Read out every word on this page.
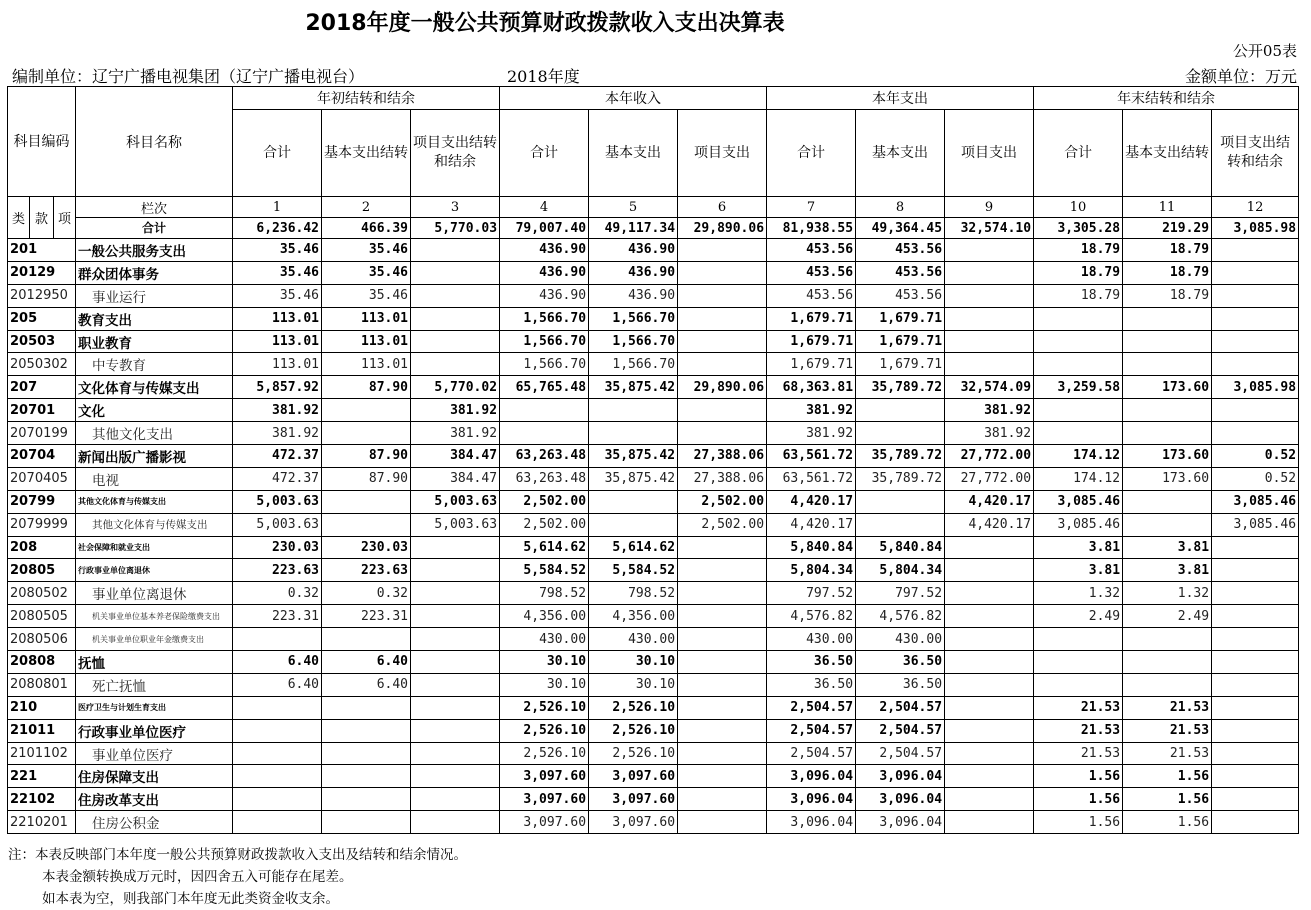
2018年度一般公共预算财政拨款收入支出决算表
公开05表
编制单位：辽宁广播电视集团（辽宁广播电视台）	2018年度	金额单位：万元
科目编码			科目名称	年初结转和结余			本年收入			本年支出			年末结转和结余		
				合计	基本支出结转	项目支出结转和结余	合计	基本支出	项目支出	合计	基本支出	项目支出	合计	基本支出结转	项目支出结转和结余
类	款	项	栏次	1	2	3	4	5	6	7	8	9	10	11	12
			合计	6,236.42	466.39	5,770.03	79,007.40	49,117.34	29,890.06	81,938.55	49,364.45	32,574.10	3,305.28	219.29	3,085.98
201			一般公共服务支出	35.46	35.46		436.90	436.90		453.56	453.56		18.79	18.79	
20129			群众团体事务	35.46	35.46		436.90	436.90		453.56	453.56		18.79	18.79	
2012950			事业运行	35.46	35.46		436.90	436.90		453.56	453.56		18.79	18.79	
205			教育支出	113.01	113.01		1,566.70	1,566.70		1,679.71	1,679.71				
20503			职业教育	113.01	113.01		1,566.70	1,566.70		1,679.71	1,679.71				
2050302			中专教育	113.01	113.01		1,566.70	1,566.70		1,679.71	1,679.71				
207			文化体育与传媒支出	5,857.92	87.90	5,770.02	65,765.48	35,875.42	29,890.06	68,363.81	35,789.72	32,574.09	3,259.58	173.60	3,085.98
20701			文化	381.92		381.92				381.92		381.92			
2070199			其他文化支出	381.92		381.92				381.92		381.92			
20704			新闻出版广播影视	472.37	87.90	384.47	63,263.48	35,875.42	27,388.06	63,561.72	35,789.72	27,772.00	174.12	173.60	0.52
2070405			电视	472.37	87.90	384.47	63,263.48	35,875.42	27,388.06	63,561.72	35,789.72	27,772.00	174.12	173.60	0.52
20799			其他文化体育与传媒支出	5,003.63		5,003.63	2,502.00		2,502.00	4,420.17		4,420.17	3,085.46		3,085.46
2079999			其他文化体育与传媒支出	5,003.63		5,003.63	2,502.00		2,502.00	4,420.17		4,420.17	3,085.46		3,085.46
208			社会保障和就业支出	230.03	230.03		5,614.62	5,614.62		5,840.84	5,840.84		3.81	3.81	
20805			行政事业单位离退休	223.63	223.63		5,584.52	5,584.52		5,804.34	5,804.34		3.81	3.81	
2080502			事业单位离退休	0.32	0.32		798.52	798.52		797.52	797.52		1.32	1.32	
2080505			机关事业单位基本养老保险缴费支出	223.31	223.31		4,356.00	4,356.00		4,576.82	4,576.82		2.49	2.49	
2080506			机关事业单位职业年金缴费支出				430.00	430.00		430.00	430.00				
20808			抚恤	6.40	6.40		30.10	30.10		36.50	36.50				
2080801			死亡抚恤	6.40	6.40		30.10	30.10		36.50	36.50				
210			医疗卫生与计划生育支出				2,526.10	2,526.10		2,504.57	2,504.57		21.53	21.53	
21011			行政事业单位医疗				2,526.10	2,526.10		2,504.57	2,504.57		21.53	21.53	
2101102			事业单位医疗				2,526.10	2,526.10		2,504.57	2,504.57		21.53	21.53	
221			住房保障支出				3,097.60	3,097.60		3,096.04	3,096.04		1.56	1.56	
22102			住房改革支出				3,097.60	3,097.60		3,096.04	3,096.04		1.56	1.56	
2210201			住房公积金				3,097.60	3,097.60		3,096.04	3,096.04		1.56	1.56	
注：本表反映部门本年度一般公共预算财政拨款收入支出及结转和结余情况。
本表金额转换成万元时，因四舍五入可能存在尾差。
如本表为空，则我部门本年度无此类资金收支余。
